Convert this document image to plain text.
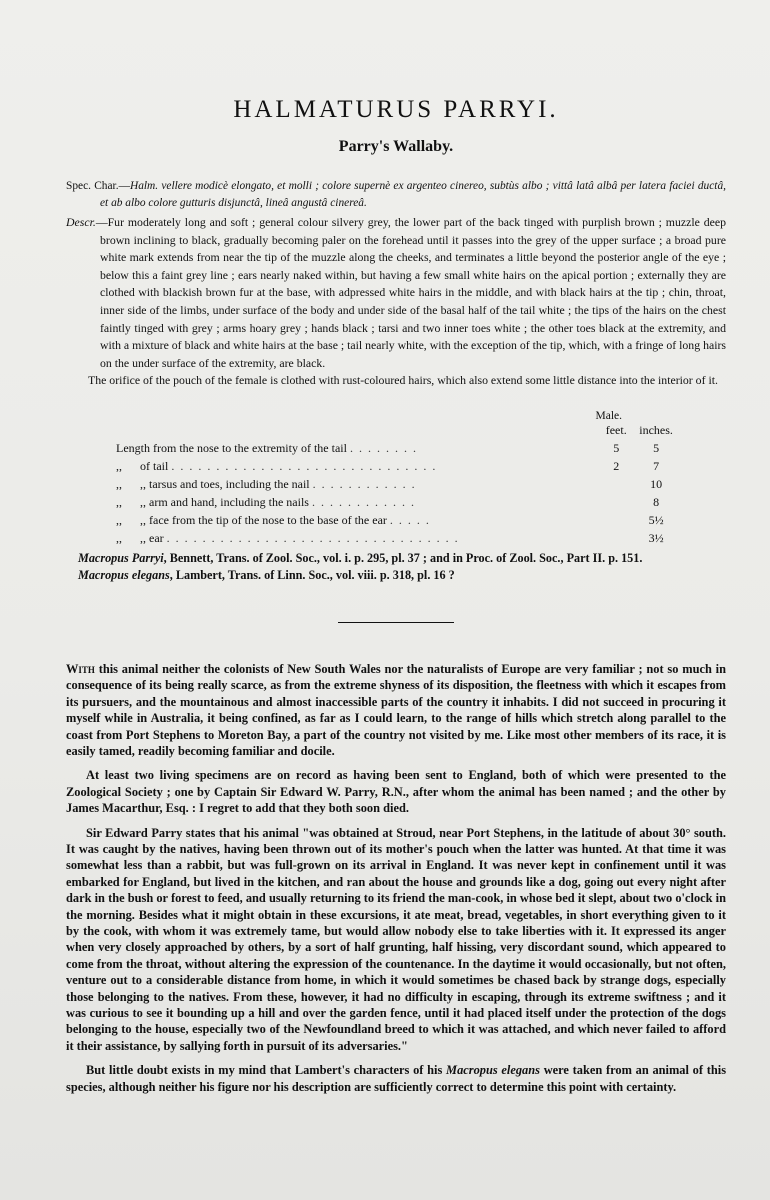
HALMATURUS PARRYI.
Parry's Wallaby.

Spec. Char.—Halm. vellere modicè elongato, et molli ; colore supernè ex argenteo cinereo, subtùs albo ; vittâ latâ albâ per latera faciei ductâ, et ab albo colore gutturis disjunctâ, lineâ angustâ cinereâ.

Descr.—Fur moderately long and soft ; general colour silvery grey, the lower part of the back tinged with purplish brown ; muzzle deep brown inclining to black, gradually becoming paler on the forehead until it passes into the grey of the upper surface ; a broad pure white mark extends from near the tip of the muzzle along the cheeks, and terminates a little beyond the posterior angle of the eye ; below this a faint grey line ; ears nearly naked within, but having a few small white hairs on the apical portion ; externally they are clothed with blackish brown fur at the base, with adpressed white hairs in the middle, and with black hairs at the tip ; chin, throat, inner side of the limbs, under surface of the body and under side of the basal half of the tail white ; the tips of the hairs on the chest faintly tinged with grey ; arms hoary grey ; hands black ; tarsi and two inner toes white ; the other toes black at the extremity, and with a mixture of black and white hairs at the base ; tail nearly white, with the exception of the tip, which, with a fringe of long hairs on the under surface of the extremity, are black.

The orifice of the pouch of the female is clothed with rust-coloured hairs, which also extend some little distance into the interior of it.

Male.
	feet.	inches.
Length from the nose to the extremity of the tail ........	5	5
,,      of tail ..............................	2	7
,,      ,, tarsus and toes, including the nail ............		10
,,      ,, arm and hand, including the nails ............		8
,,      ,, face from the tip of the nose to the base of the ear .....		5½
,,      ,, ear .................................		3½
Macropus Parryi, Bennett, Trans. of Zool. Soc., vol. i. p. 295, pl. 37 ; and in Proc. of Zool. Soc., Part II. p. 151.
Macropus elegans, Lambert, Trans. of Linn. Soc., vol. viii. p. 318, pl. 16 ?

With this animal neither the colonists of New South Wales nor the naturalists of Europe are very familiar ; not so much in consequence of its being really scarce, as from the extreme shyness of its disposition, the fleetness with which it escapes from its pursuers, and the mountainous and almost inaccessible parts of the country it inhabits. I did not succeed in procuring it myself while in Australia, it being confined, as far as I could learn, to the range of hills which stretch along parallel to the coast from Port Stephens to Moreton Bay, a part of the country not visited by me. Like most other members of its race, it is easily tamed, readily becoming familiar and docile.

At least two living specimens are on record as having been sent to England, both of which were presented to the Zoological Society ; one by Captain Sir Edward W. Parry, R.N., after whom the animal has been named ; and the other by James Macarthur, Esq. : I regret to add that they both soon died.

Sir Edward Parry states that his animal "was obtained at Stroud, near Port Stephens, in the latitude of about 30° south. It was caught by the natives, having been thrown out of its mother's pouch when the latter was hunted. At that time it was somewhat less than a rabbit, but was full-grown on its arrival in England. It was never kept in confinement until it was embarked for England, but lived in the kitchen, and ran about the house and grounds like a dog, going out every night after dark in the bush or forest to feed, and usually returning to its friend the man-cook, in whose bed it slept, about two o'clock in the morning. Besides what it might obtain in these excursions, it ate meat, bread, vegetables, in short everything given to it by the cook, with whom it was extremely tame, but would allow nobody else to take liberties with it. It expressed its anger when very closely approached by others, by a sort of half grunting, half hissing, very discordant sound, which appeared to come from the throat, without altering the expression of the countenance. In the daytime it would occasionally, but not often, venture out to a considerable distance from home, in which it would sometimes be chased back by strange dogs, especially those belonging to the natives. From these, however, it had no difficulty in escaping, through its extreme swiftness ; and it was curious to see it bounding up a hill and over the garden fence, until it had placed itself under the protection of the dogs belonging to the house, especially two of the Newfoundland breed to which it was attached, and which never failed to afford it their assistance, by sallying forth in pursuit of its adversaries."

But little doubt exists in my mind that Lambert's characters of his Macropus elegans were taken from an animal of this species, although neither his figure nor his description are sufficiently correct to determine this point with certainty.
